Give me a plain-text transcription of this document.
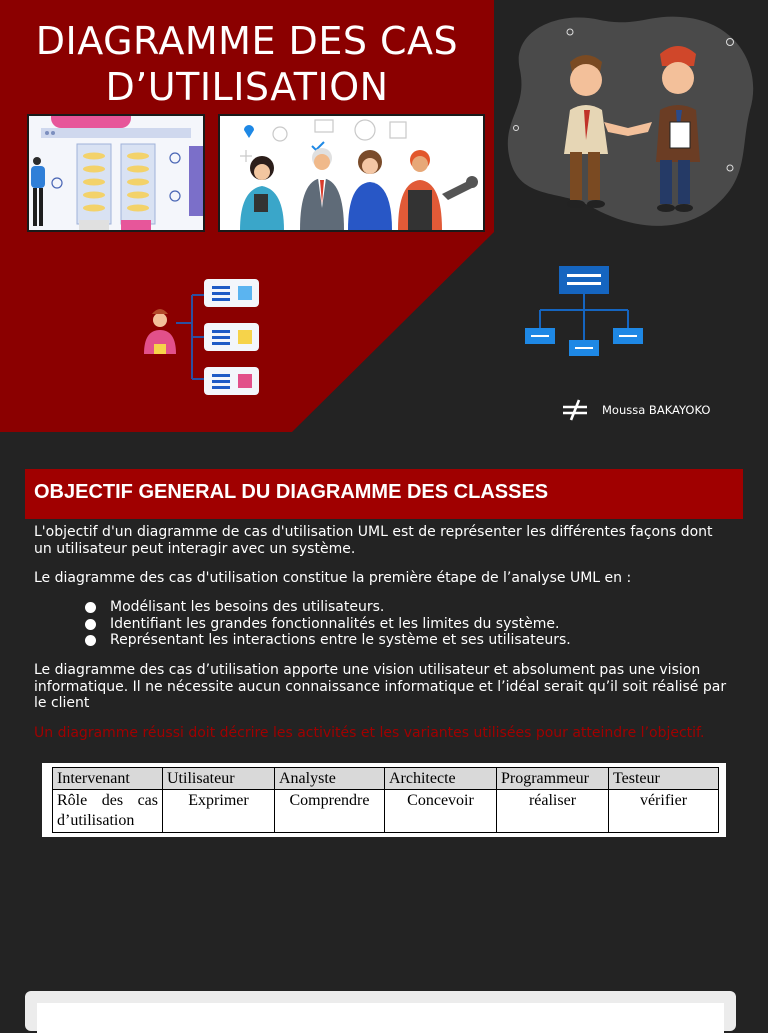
DIAGRAMME DES CAS
D’UTILISATION
Moussa BAKAYOKO
OBJECTIF GENERAL DU DIAGRAMME DES CLASSES
L'objectif d'un diagramme de cas d'utilisation UML est de représenter les différentes façons dont un utilisateur peut interagir avec un système.
Le diagramme des cas d'utilisation constitue la première étape de l’analyse UML en :
Modélisant les besoins des utilisateurs.
Identifiant les grandes fonctionnalités et les limites du système.
Représentant les interactions entre le système et ses utilisateurs.
Le diagramme des cas d’utilisation apporte une vision utilisateur et absolument pas une vision informatique. Il ne nécessite aucun connaissance informatique et l’idéal serait qu’il soit réalisé par le client
Un diagramme réussi doit décrire les activités et les variantes utilisées pour atteindre l’objectif.
Intervenant	Utilisateur	Analyste	Architecte	Programmeur	Testeur
Rôle des cas d’utilisation	Exprimer	Comprendre	Concevoir	réaliser	vérifier
